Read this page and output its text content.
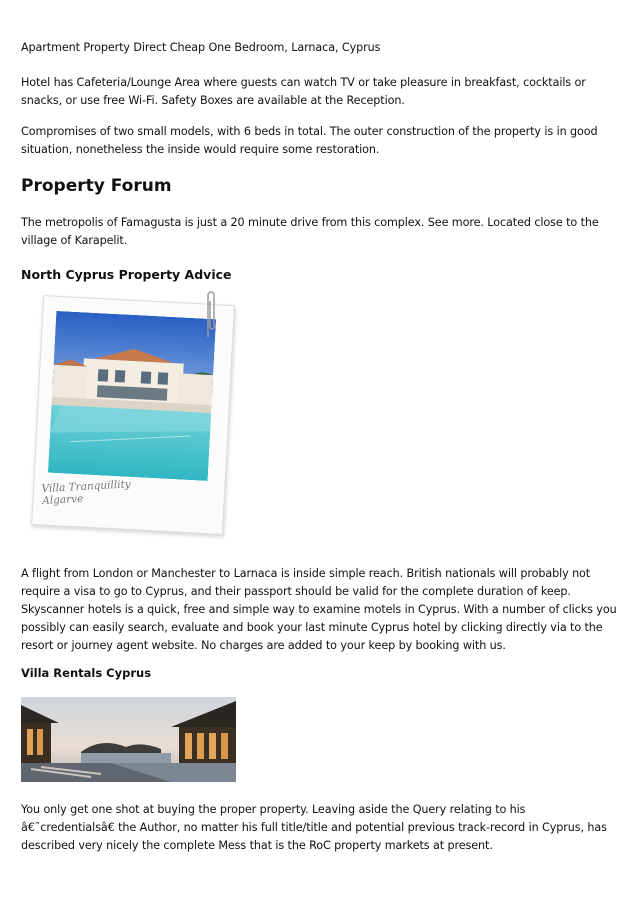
Apartment Property Direct Cheap One Bedroom, Larnaca, Cyprus

Hotel has Cafeteria/Lounge Area where guests can watch TV or take pleasure in breakfast, cocktails or snacks, or use free Wi-Fi. Safety Boxes are available at the Reception.

Compromises of two small models, with 6 beds in total. The outer construction of the property is in good situation, nonetheless the inside would require some restoration.

Property Forum

The metropolis of Famagusta is just a 20 minute drive from this complex. See more. Located close to the village of Karapelit.

North Cyprus Property Advice
Villa Tranquillity
Algarve

A flight from London or Manchester to Larnaca is inside simple reach. British nationals will probably not require a visa to go to Cyprus, and their passport should be valid for the complete duration of keep. Skyscanner hotels is a quick, free and simple way to examine motels in Cyprus. With a number of clicks you possibly can easily search, evaluate and book your last minute Cyprus hotel by clicking directly via to the resort or journey agent website. No charges are added to your keep by booking with us.

Villa Rentals Cyprus

You only get one shot at buying the proper property. Leaving aside the Query relating to his â€˜credentialsâ€ the Author, no matter his full title/title and potential previous track-record in Cyprus, has described very nicely the complete Mess that is the RoC property markets at present.
